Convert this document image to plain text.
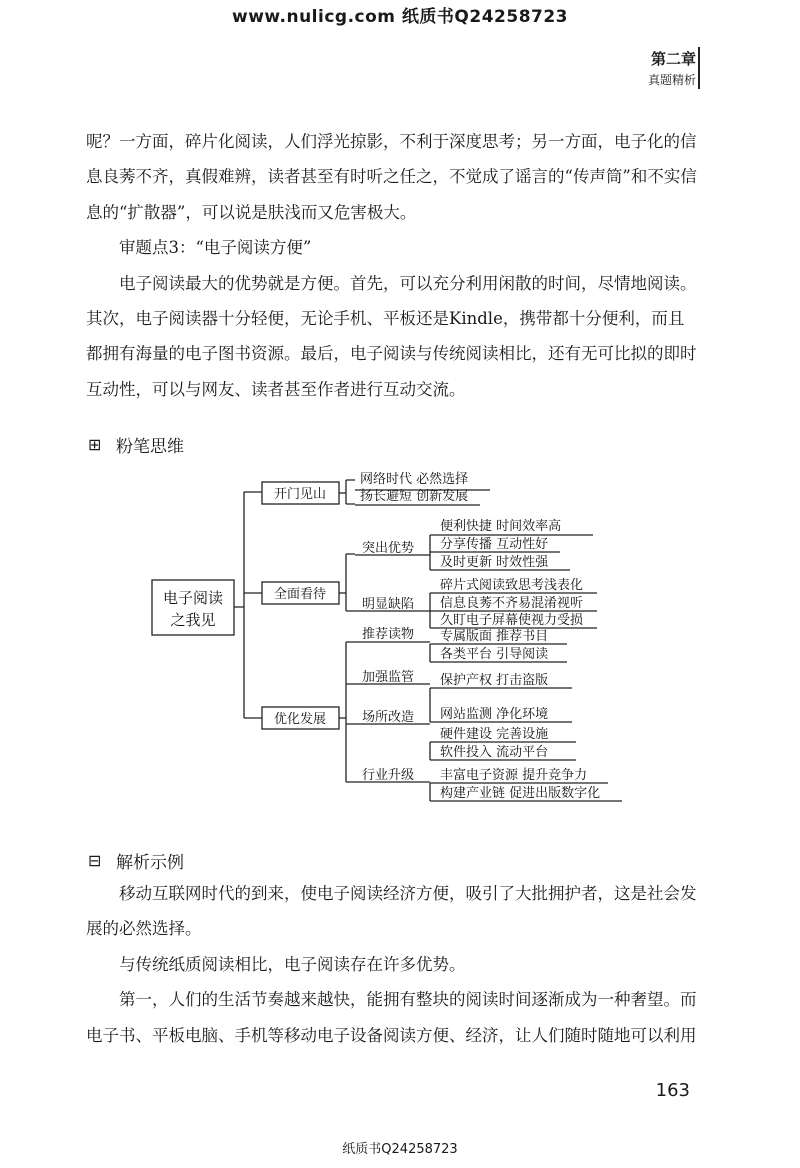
www.nulicg.com 纸质书Q24258723
第二章
真题精析

呢？一方面，碎片化阅读，人们浮光掠影，不利于深度思考；另一方面，电子化的信息良莠不齐，真假难辨，读者甚至有时听之任之，不觉成了谣言的“传声筒”和不实信息的“扩散器”，可以说是肤浅而又危害极大。

审题点3：“电子阅读方便”

电子阅读最大的优势就是方便。首先，可以充分利用闲散的时间，尽情地阅读。其次，电子阅读器十分轻便，无论手机、平板还是Kindle，携带都十分便利，而且都拥有海量的电子图书资源。最后，电子阅读与传统阅读相比，还有无可比拟的即时互动性，可以与网友、读者甚至作者进行互动交流。

⊞ 粉笔思维
电子阅读
之我见
开门见山
全面看待
优化发展
网络时代 必然选择
扬长避短 创新发展
突出优势
便利快捷 时间效率高
分享传播 互动性好
及时更新 时效性强
明显缺陷
碎片式阅读致思考浅表化
信息良莠不齐易混淆视听
久盯电子屏幕使视力受损
推荐读物 专属版面 推荐书目
各类平台 引导阅读
加强监管 保护产权 打击盗版
网站监测 净化环境
场所改造
硬件建设 完善设施
软件投入 流动平台
行业升级 丰富电子资源 提升竞争力
构建产业链 促进出版数字化
⊟ 解析示例

移动互联网时代的到来，使电子阅读经济方便，吸引了大批拥护者，这是社会发展的必然选择。

与传统纸质阅读相比，电子阅读存在许多优势。

第一，人们的生活节奏越来越快，能拥有整块的阅读时间逐渐成为一种奢望。而电子书、平板电脑、手机等移动电子设备阅读方便、经济，让人们随时随地可以利用

163
纸质书Q24258723
